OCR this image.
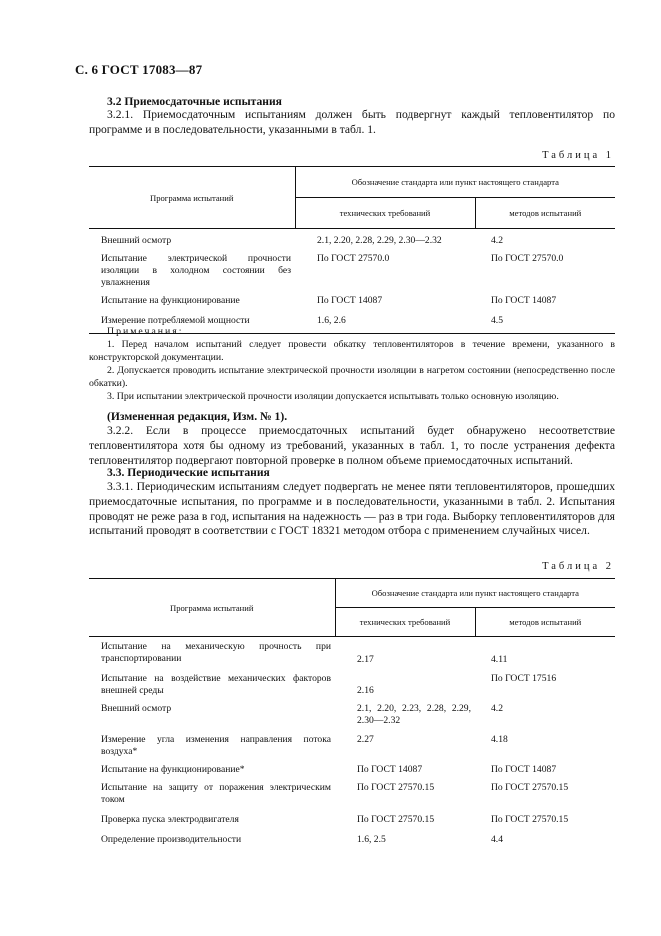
С. 6 ГОСТ 17083—87
3.2 Приемосдаточные испытания
3.2.1. Приемосдаточным испытаниям должен быть подвергнут каждый тепловентилятор по программе и в последовательности, указанными в табл. 1.
Таблица 1
Программа испытаний	Обозначение стандарта или пункт настоящего стандарта	
	технических требований	методов испытаний
Внешний осмотр	2.1, 2.20, 2.28, 2.29, 2.30—2.32	4.2
Испытание электрической прочности изоляции в холодном состоянии без увлажнения	По ГОСТ 27570.0	По ГОСТ 27570.0
Испытание на функционирование	По ГОСТ 14087	По ГОСТ 14087
Измерение потребляемой мощности	1.6, 2.6	4.5

Примечания:

1. Перед началом испытаний следует провести обкатку тепловентиляторов в течение времени, указанного в конструкторской документации.

2. Допускается проводить испытание электрической прочности изоляции в нагретом состоянии (непосредственно после обкатки).

3. При испытании электрической прочности изоляции допускается испытывать только основную изоляцию.

(Измененная редакция, Изм. № 1).
3.2.2. Если в процессе приемосдаточных испытаний будет обнаружено несоответствие тепловентилятора хотя бы одному из требований, указанных в табл. 1, то после устранения дефекта тепловентилятор подвергают повторной проверке в полном объеме приемосдаточных испытаний.
3.3. Периодические испытания
3.3.1. Периодическим испытаниям следует подвергать не менее пяти тепловентиляторов, прошедших приемосдаточные испытания, по программе и в последовательности, указанными в табл. 2. Испытания проводят не реже раза в год, испытания на надежность — раз в три года. Выборку тепловентиляторов для испытаний проводят в соответствии с ГОСТ 18321 методом отбора с применением случайных чисел.
Таблица 2
Программа испытаний	Обозначение стандарта или пункт настоящего стандарта	
	технических требований	методов испытаний
Испытание на механическую прочность при транспортировании	2.17	4.11
Испытание на воздействие механических факторов внешней среды	2.16	По ГОСТ 17516
Внешний осмотр	2.1, 2.20, 2.23, 2.28, 2.29, 2.30—2.32	4.2
Измерение угла изменения направления потока воздуха*	2.27	4.18
Испытание на функционирование*	По ГОСТ 14087	По ГОСТ 14087
Испытание на защиту от поражения электрическим током	По ГОСТ 27570.15	По ГОСТ 27570.15
Проверка пуска электродвигателя	По ГОСТ 27570.15	По ГОСТ 27570.15
Определение производительности	1.6, 2.5	4.4
